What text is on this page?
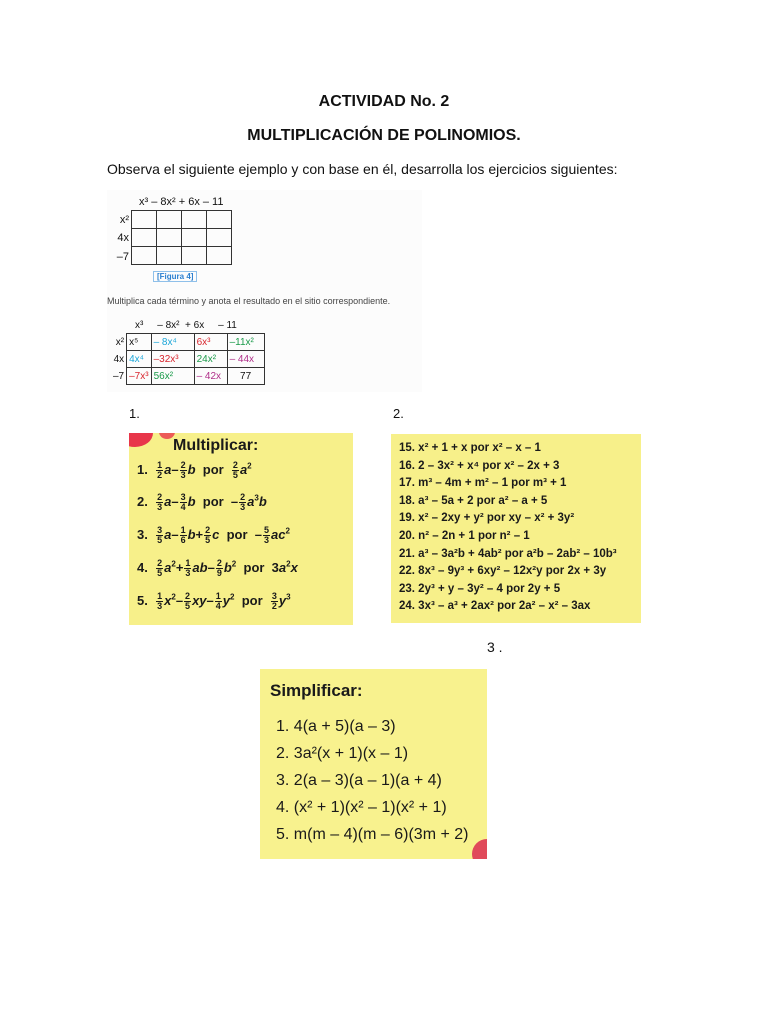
ACTIVIDAD No. 2
MULTIPLICACIÓN DE POLINOMIOS.
Observa el siguiente ejemplo y con base en él, desarrolla los ejercicios siguientes:
x³ – 8x² + 6x – 11
x²
4x
–7

[Figura 4]
Multiplica cada término y anota el resultado en el sitio correspondiente.
x³ – 8x² + 6x – 11
x²	x⁵	– 8x⁴	6x³	–11x²
4x	4x⁴	–32x³	24x²	– 44x
–7	–7x³	56x²	– 42x	77
1.	2.
Multiplicar:
1. $\frac{1}{2} a- \frac{2}{3}$ b  por $\frac{2}{5} a^2$
2. $\frac{2}{3} a- \frac{3}{4}$ b  por  – $\frac{2}{3} a^3b$
3. $\frac{3}{5} a- \frac{1}{6} b+ \frac{2}{5}$ c  por  – $\frac{5}{3} ac^2$
4. $\frac{2}{5} a^2+ \frac{1}{3} ab- \frac{2}{9} b^2$  por  $3a^2x$
5. $\frac{1}{3} x^2- \frac{2}{5} xy- \frac{1}{4} y^2$  por $\frac{3}{2} y^3$
15. x² + 1 + x por x² – x – 1
16. 2 – 3x² + x⁴ por x² – 2x + 3
17. m³ – 4m + m² – 1 por m³ + 1
18. a³ – 5a + 2 por a² – a + 5
19. x² – 2xy + y² por xy – x² + 3y²
20. n² – 2n + 1 por n² – 1
21. a³ – 3a²b + 4ab² por a²b – 2ab² – 10b³
22. 8x³ – 9y³ + 6xy² – 12x²y por 2x + 3y
23. 2y³ + y – 3y² – 4 por 2y + 5
24. 3x³ – a³ + 2ax² por 2a² – x² – 3ax
3 .
Simplificar:
1. 4(a + 5)(a – 3)
2. 3a²(x + 1)(x – 1)
3. 2(a – 3)(a – 1)(a + 4)
4. (x² + 1)(x² – 1)(x² + 1)
5. m(m – 4)(m – 6)(3m + 2)
